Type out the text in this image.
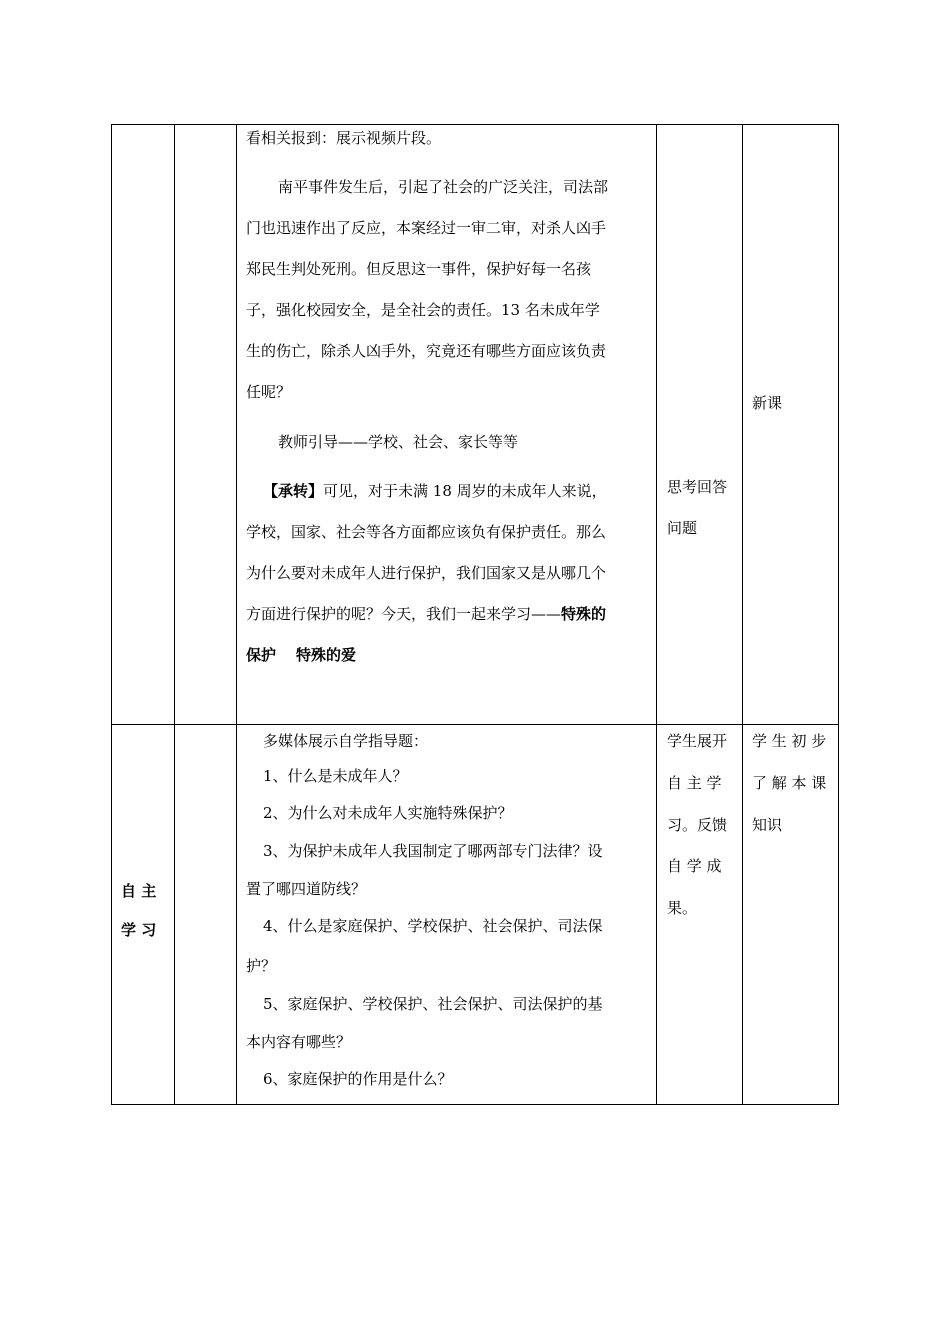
看相关报到：展示视频片段。
南平事件发生后，引起了社会的广泛关注，司法部
门也迅速作出了反应，本案经过一审二审，对杀人凶手
郑民生判处死刑。但反思这一事件，保护好每一名孩
子，强化校园安全，是全社会的责任。13 名未成年学
生的伤亡，除杀人凶手外，究竟还有哪些方面应该负责
任呢？
教师引导——学校、社会、家长等等
【承转】可见，对于未满 18 周岁的未成年人来说，
学校，国家、社会等各方面都应该负有保护责任。那么
为什么要对未成年人进行保护，我们国家又是从哪几个
方面进行保护的呢？今天，我们一起来学习——特殊的
保护 特殊的爱
思考回答
问题
新课
自 主
学 习
多媒体展示自学指导题：
1、什么是未成年人？
2、为什么对未成年人实施特殊保护？
3、为保护未成年人我国制定了哪两部专门法律？设
置了哪四道防线？
4、什么是家庭保护、学校保护、社会保护、司法保
护？
5、家庭保护、学校保护、社会保护、司法保护的基
本内容有哪些？
6、家庭保护的作用是什么？
学生展开
自 主 学
习。反馈
自 学 成
果。
学 生 初 步
了 解 本 课
知识
